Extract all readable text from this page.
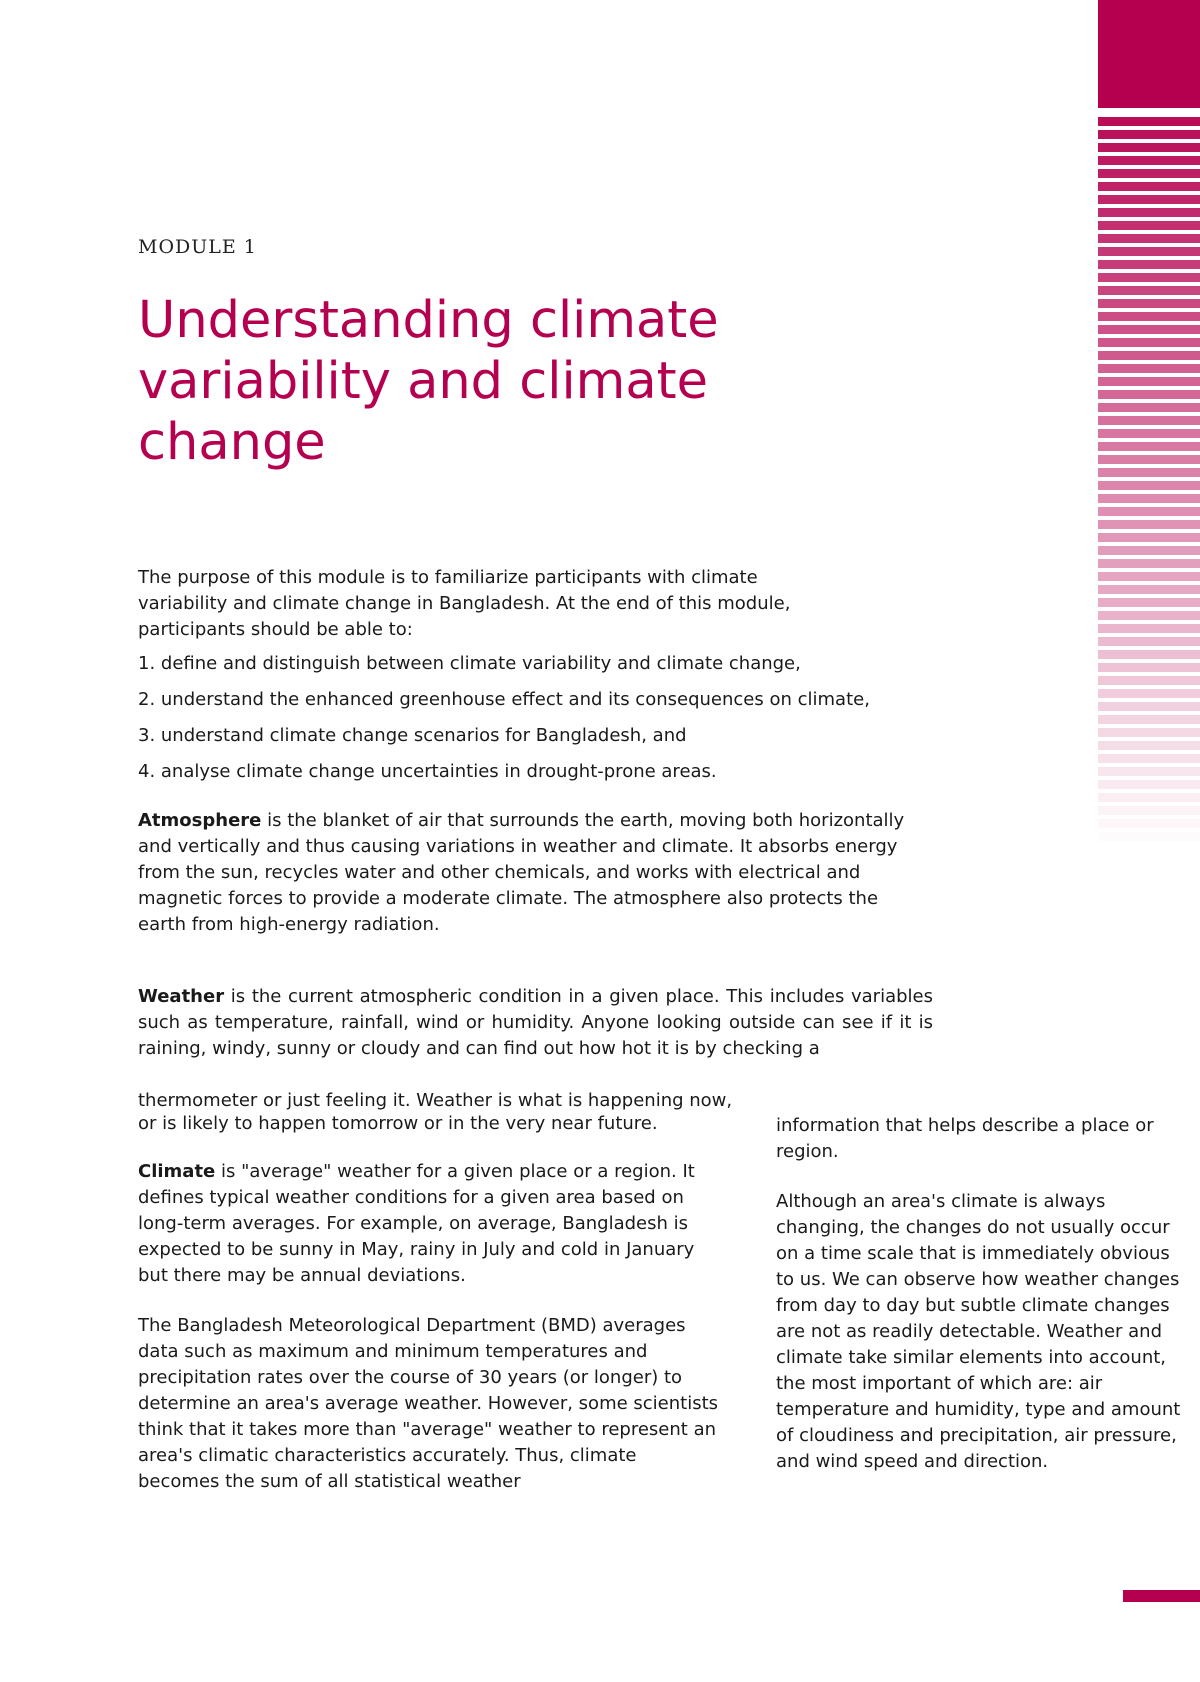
MODULE 1
Understanding climate
variability and climate
change

The purpose of this module is to familiarize participants with climate variability and climate change in Bangladesh. At the end of this module, participants should be able to:

1. define and distinguish between climate variability and climate change,
2. understand the enhanced greenhouse effect and its consequences on climate,
3. understand climate change scenarios for Bangladesh, and
4. analyse climate change uncertainties in drought-prone areas.

Atmosphere is the blanket of air that surrounds the earth, moving both horizontally and vertically and thus causing variations in weather and climate. It absorbs energy from the sun, recycles water and other chemicals, and works with electrical and magnetic forces to provide a moderate climate. The atmosphere also protects the earth from high-energy radiation.

Weather is the current atmospheric condition in a given place. This includes variables such as temperature, rainfall, wind or humidity. Anyone looking outside can see if it is raining, windy, sunny or cloudy and can find out how hot it is by checking a

thermometer or just feeling it. Weather is what is happening now,

or is likely to happen tomorrow or in the very near future.

Climate is "average" weather for a given place or a region. It defines typical weather conditions for a given area based on long-term averages. For example, on average, Bangladesh is expected to be sunny in May, rainy in July and cold in January but there may be annual deviations.

The Bangladesh Meteorological Department (BMD) averages data such as maximum and minimum temperatures and precipitation rates over the course of 30 years (or longer) to determine an area's average weather. However, some scientists think that it takes more than "average" weather to represent an area's climatic characteristics accurately. Thus, climate becomes the sum of all statistical weather

information that helps describe a place or region.

Although an area's climate is always changing, the changes do not usually occur on a time scale that is immediately obvious to us. We can observe how weather changes from day to day but subtle climate changes are not as readily detectable. Weather and climate take similar elements into account, the most important of which are: air temperature and humidity, type and amount of cloudiness and precipitation, air pressure, and wind speed and direction.
